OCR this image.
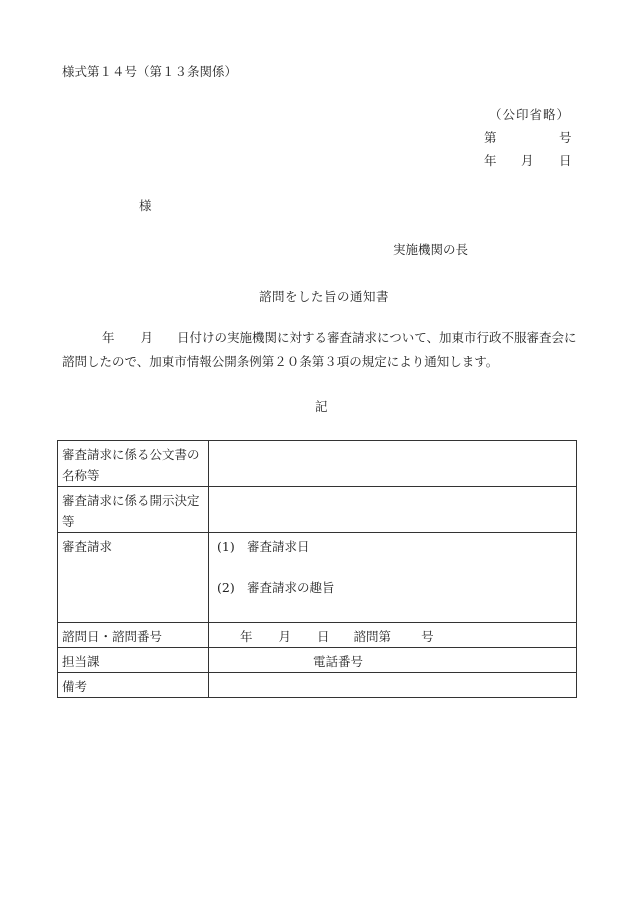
様式第１４号（第１３条関係）
（公印省略）
第	号
年 月 日
様
実施機関の長
諮問をした旨の通知書
年 月 日付けの実施機関に対する審査請求について、加東市行政不服審査会に
諮問したので、加東市情報公開条例第２０条第３項の規定により通知します。
記
審査請求に係る公文書の名称等	
審査請求に係る開示決定等	
審査請求	(1) 審査請求日
(2) 審査請求の趣旨

諮問日・諮問番号	年 月 日 諮問第 号
担当課	電話番号
備考	
